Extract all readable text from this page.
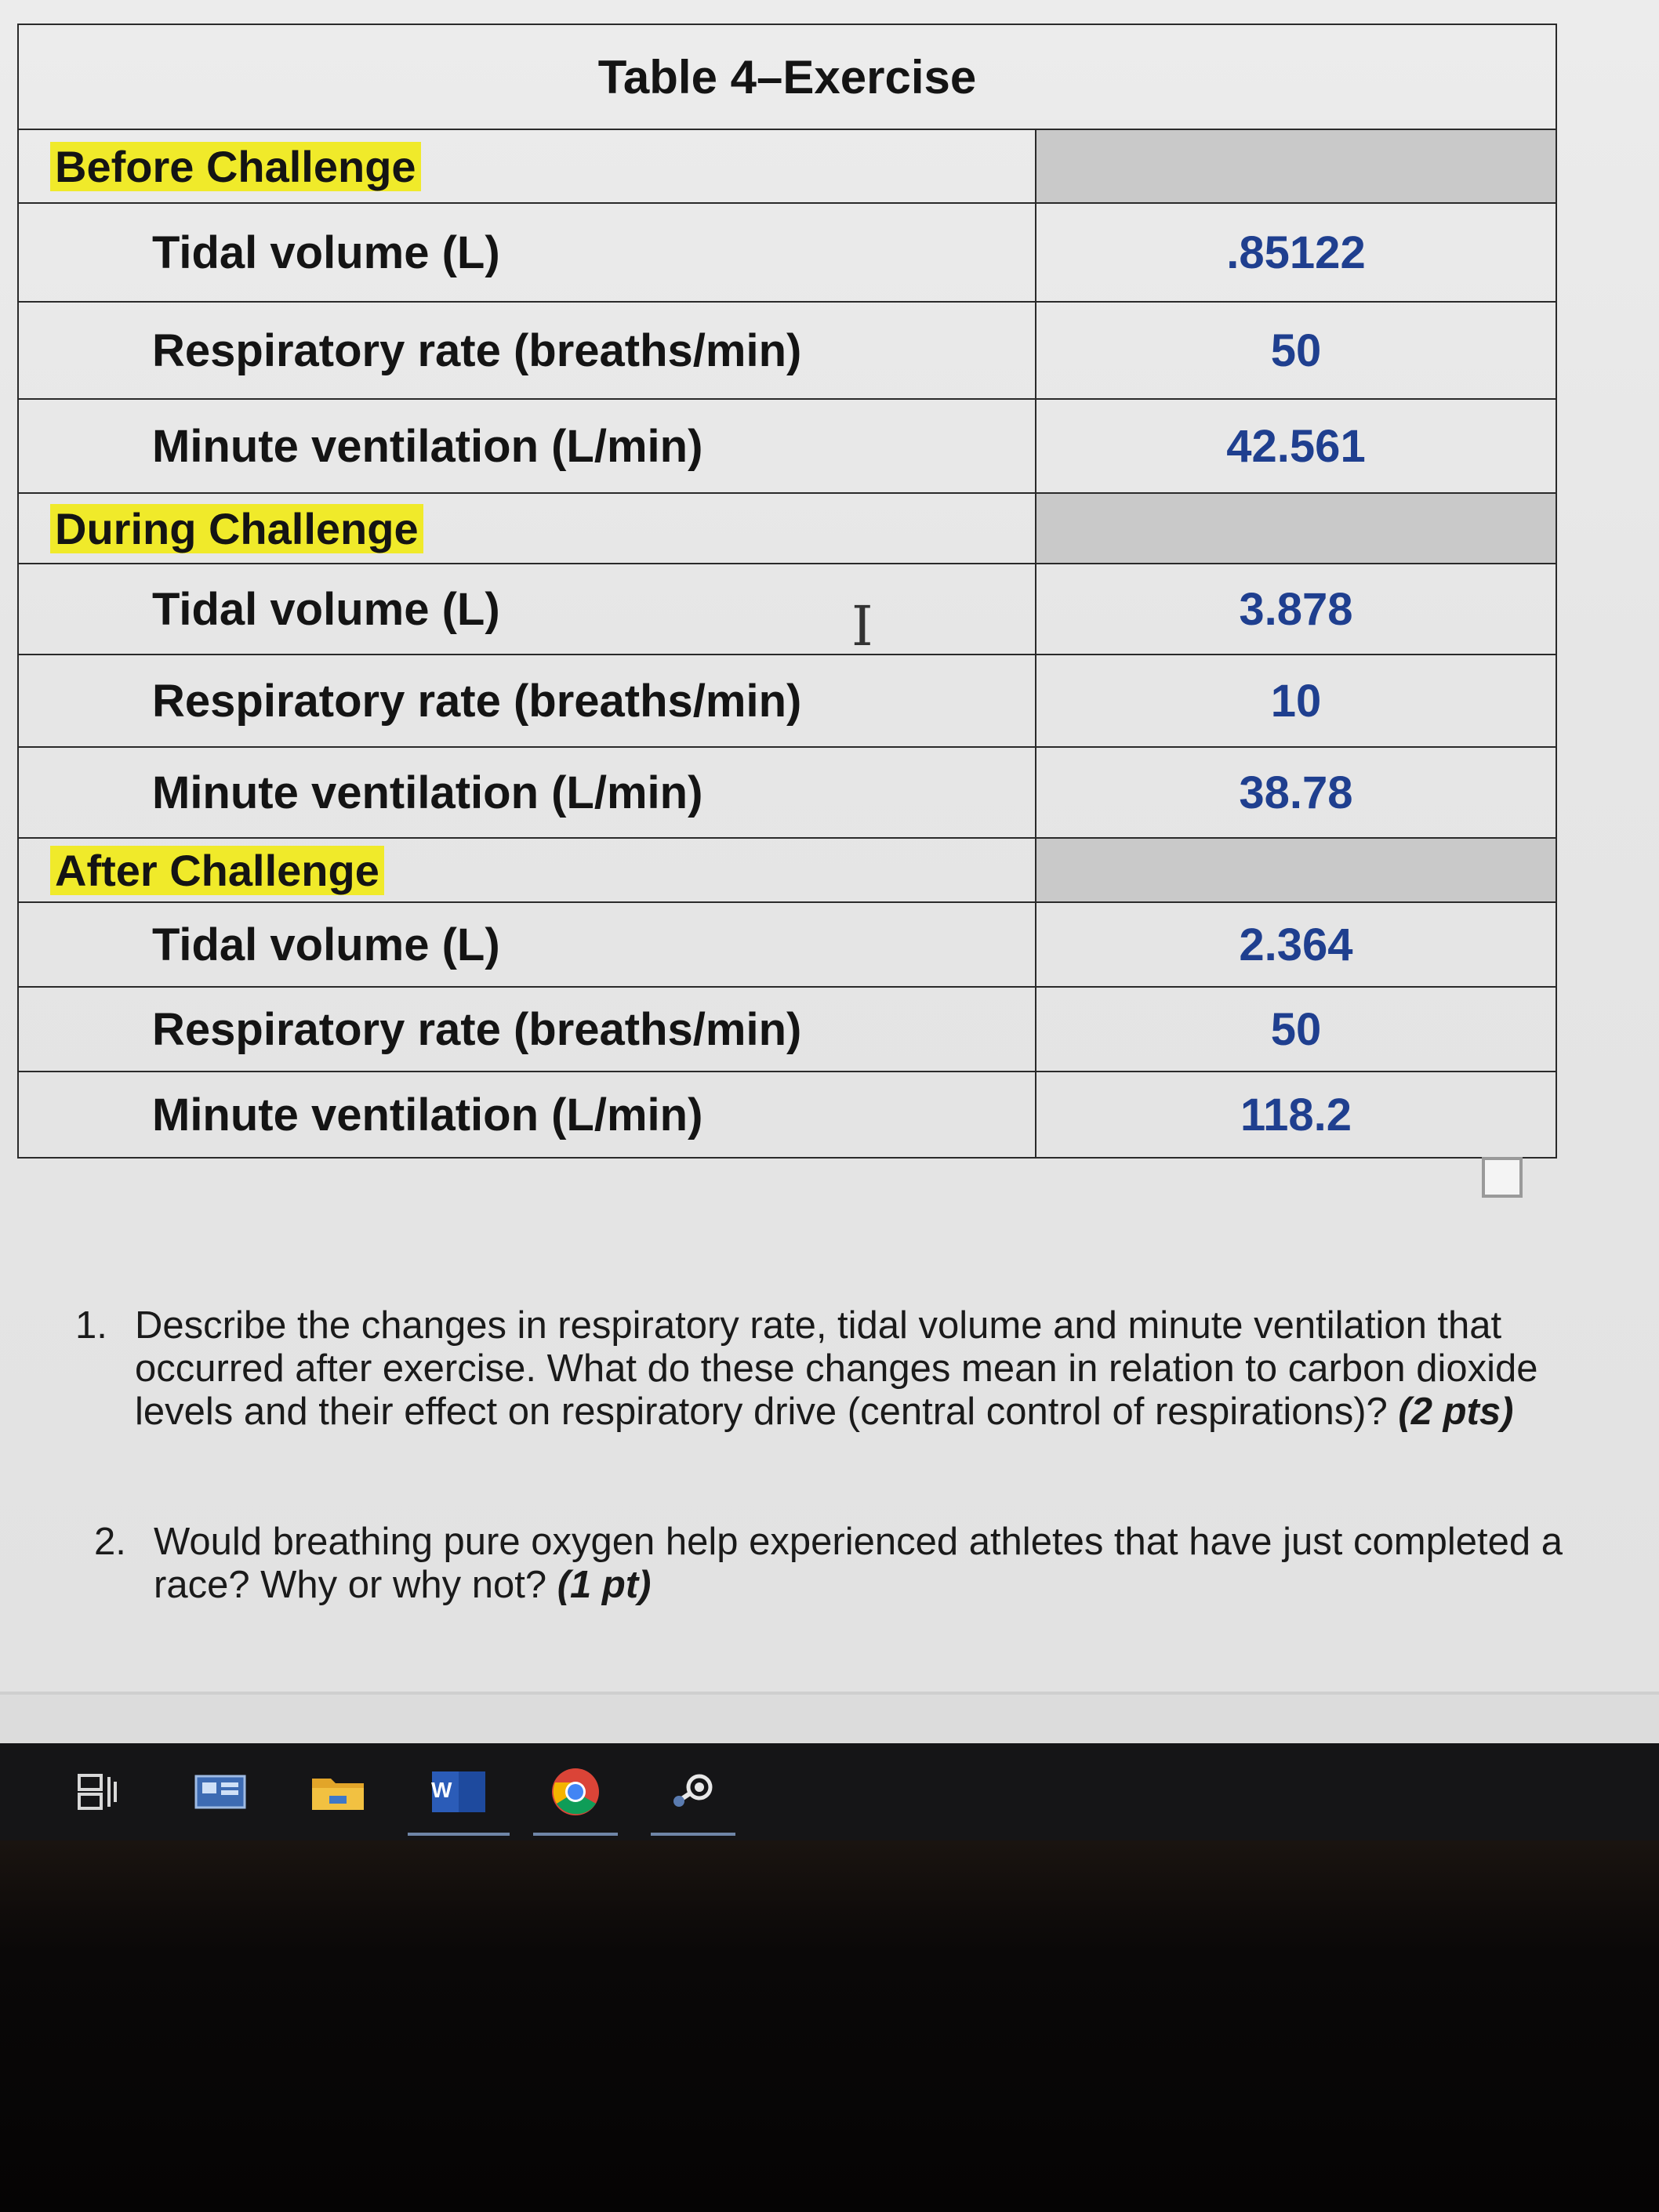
Table 4–Exercise	
Before Challenge	
Tidal volume (L)	.85122
Respiratory rate (breaths/min)	50
Minute ventilation (L/min)	42.561
During Challenge	
Tidal volume (L)	3.878
Respiratory rate (breaths/min)	10
Minute ventilation (L/min)	38.78
After Challenge	
Tidal volume (L)	2.364
Respiratory rate (breaths/min)	50
Minute ventilation (L/min)	118.2
I
1. Describe the changes in respiratory rate, tidal volume and minute ventilation that occurred after exercise. What do these changes mean in relation to carbon dioxide levels and their effect on respiratory drive (central control of respirations)? (2 pts)
2. Would breathing pure oxygen help experienced athletes that have just completed a race? Why or why not? (1 pt)
W
